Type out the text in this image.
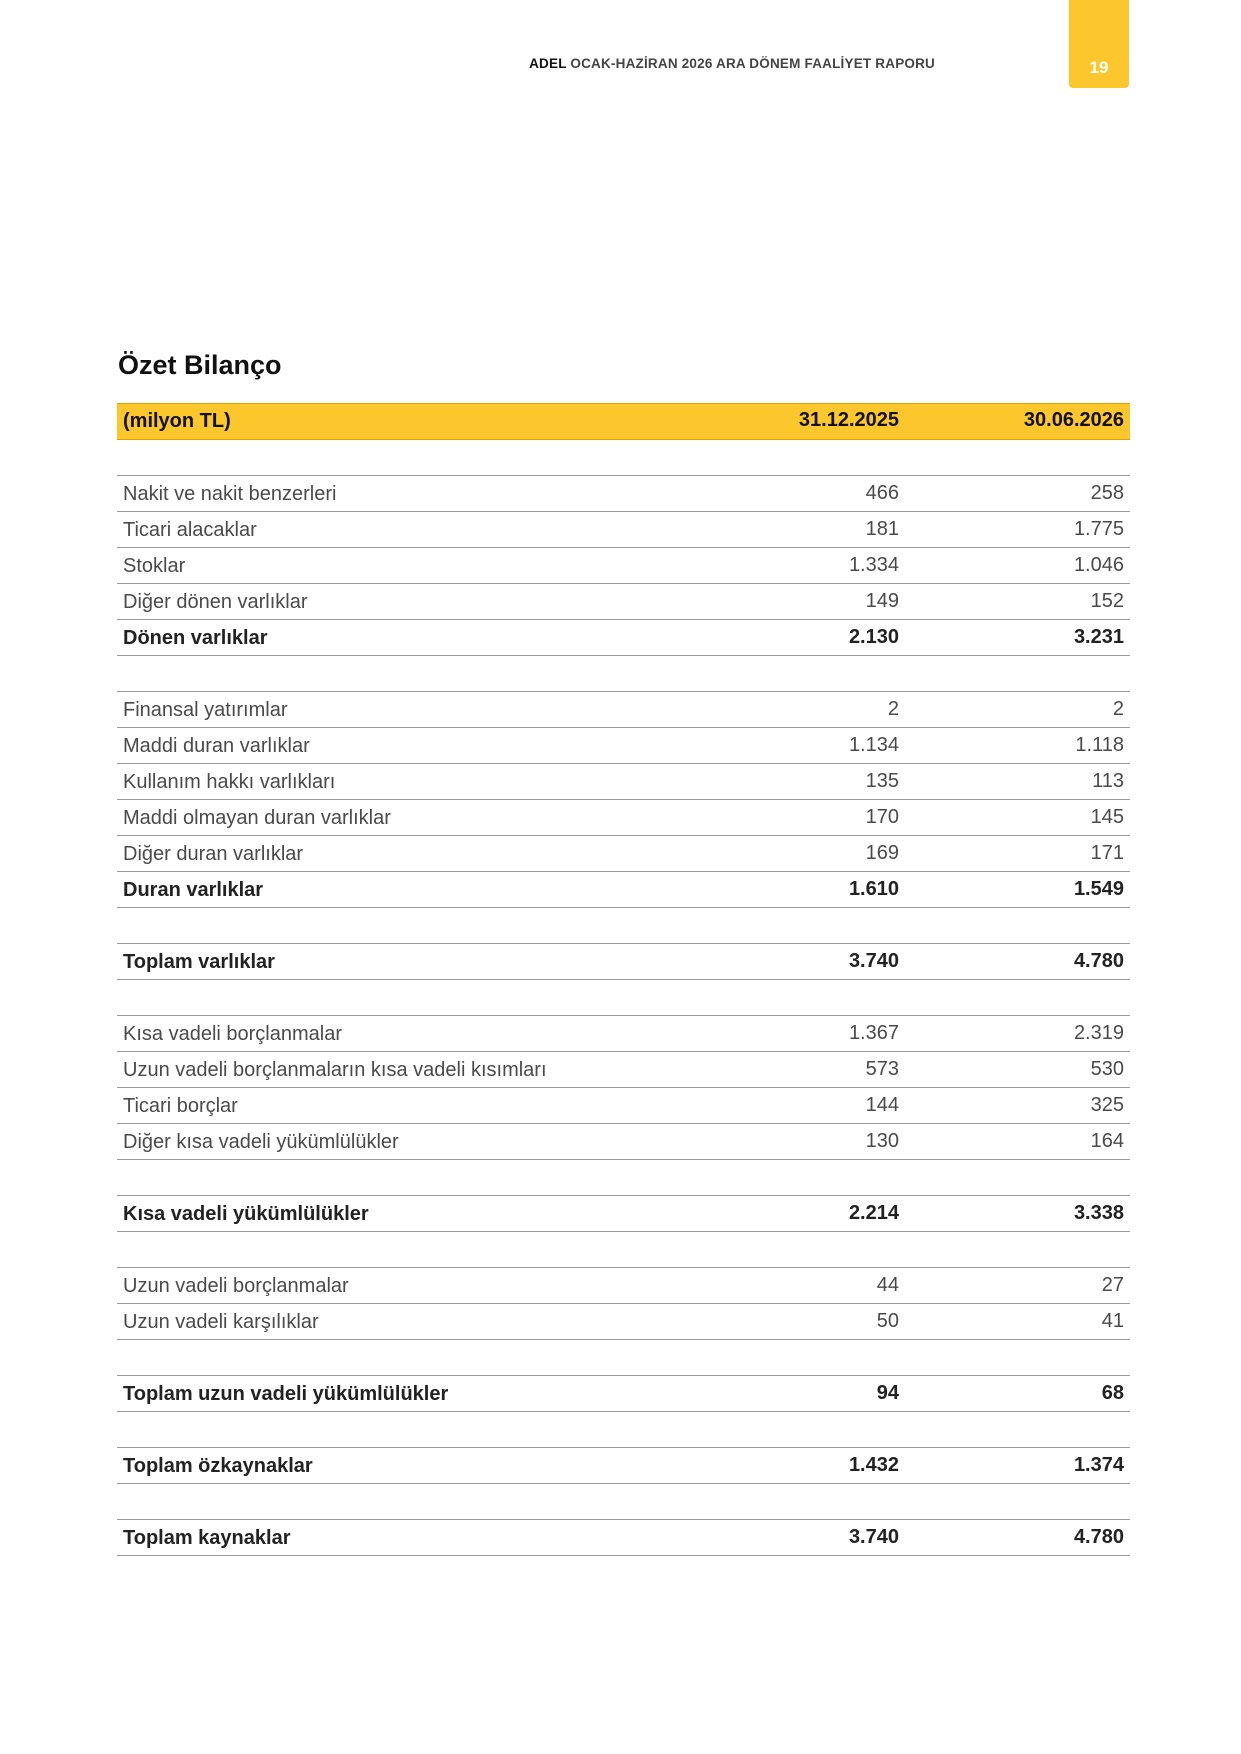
ADEL OCAK-HAZİRAN 2026 ARA DÖNEM FAALİYET RAPORU	19
Özet Bilanço
(milyon TL)	31.12.2025	30.06.2026
Nakit ve nakit benzerleri	466	258
Ticari alacaklar	181	1.775
Stoklar	1.334	1.046
Diğer dönen varlıklar	149	152
Dönen varlıklar	2.130	3.231
Finansal yatırımlar	2	2
Maddi duran varlıklar	1.134	1.118
Kullanım hakkı varlıkları	135	113
Maddi olmayan duran varlıklar	170	145
Diğer duran varlıklar	169	171
Duran varlıklar	1.610	1.549
Toplam varlıklar	3.740	4.780
Kısa vadeli borçlanmalar	1.367	2.319
Uzun vadeli borçlanmaların kısa vadeli kısımları	573	530
Ticari borçlar	144	325
Diğer kısa vadeli yükümlülükler	130	164
Kısa vadeli yükümlülükler	2.214	3.338
Uzun vadeli borçlanmalar	44	27
Uzun vadeli karşılıklar	50	41
Toplam uzun vadeli yükümlülükler	94	68
Toplam özkaynaklar	1.432	1.374
Toplam kaynaklar	3.740	4.780
